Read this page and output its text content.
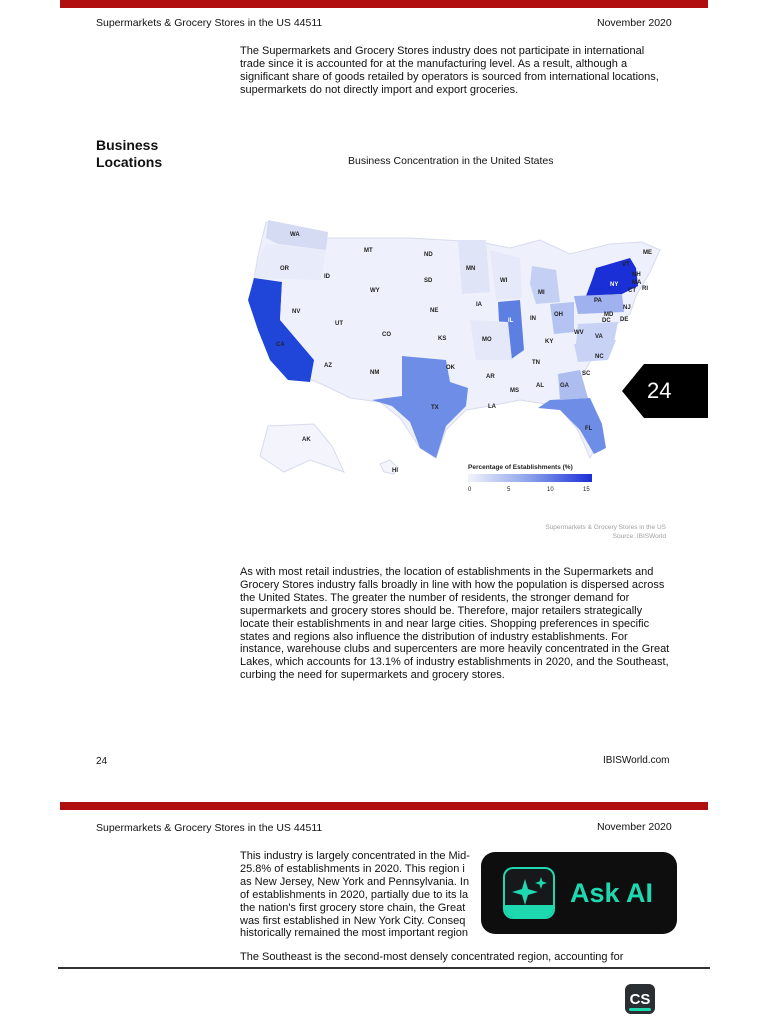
Supermarkets & Grocery Stores in the US 44511	November 2020
The Supermarkets and Grocery Stores industry does not participate in international trade since it is accounted for at the manufacturing level. As a result, although a significant share of goods retailed by operators is sourced from international locations, supermarkets do not directly import and export groceries.
Business Locations	Business Concentration in the United States
WA
OR
ID
MT
WY
ND
SD
NE
MN
IA
WI
MI
IL	IN
OH
PA
NY
VT
NH
ME
MA
RI
CT
NJ
DE
MD
DC
WV
VA
KY
NC
TN
SC
GA
AL
MS
AR
LA
MO
KS
OK
TX
NM
CO
UT
AZ
NV
CA
FL
AK
HI	Percentage of Establishments (%)
0	5	10	15
Supermarkets & Grocery Stores in the US
Source: IBISWorld
24
As with most retail industries, the location of establishments in the Supermarkets and Grocery Stores industry falls broadly in line with how the population is dispersed across the United States. The greater the number of residents, the stronger demand for supermarkets and grocery stores should be. Therefore, major retailers strategically locate their establishments in and near large cities. Shopping preferences in specific states and regions also influence the distribution of industry establishments. For instance, warehouse clubs and supercenters are more heavily concentrated in the Great Lakes, which accounts for 13.1% of industry establishments in 2020, and the Southeast, curbing the need for supermarkets and grocery stores.
24	IBISWorld.com
Supermarkets & Grocery Stores in the US 44511	November 2020
This industry is largely concentrated in the Mid-
25.8% of establishments in 2020. This region i
as New Jersey, New York and Pennsylvania. In
of establishments in 2020, partially due to its la
the nation's first grocery store chain, the Great
was first established in New York City. Conseq
historically remained the most important region
The Southeast is the second-most densely concentrated region, accounting for
Ask AI
CS
